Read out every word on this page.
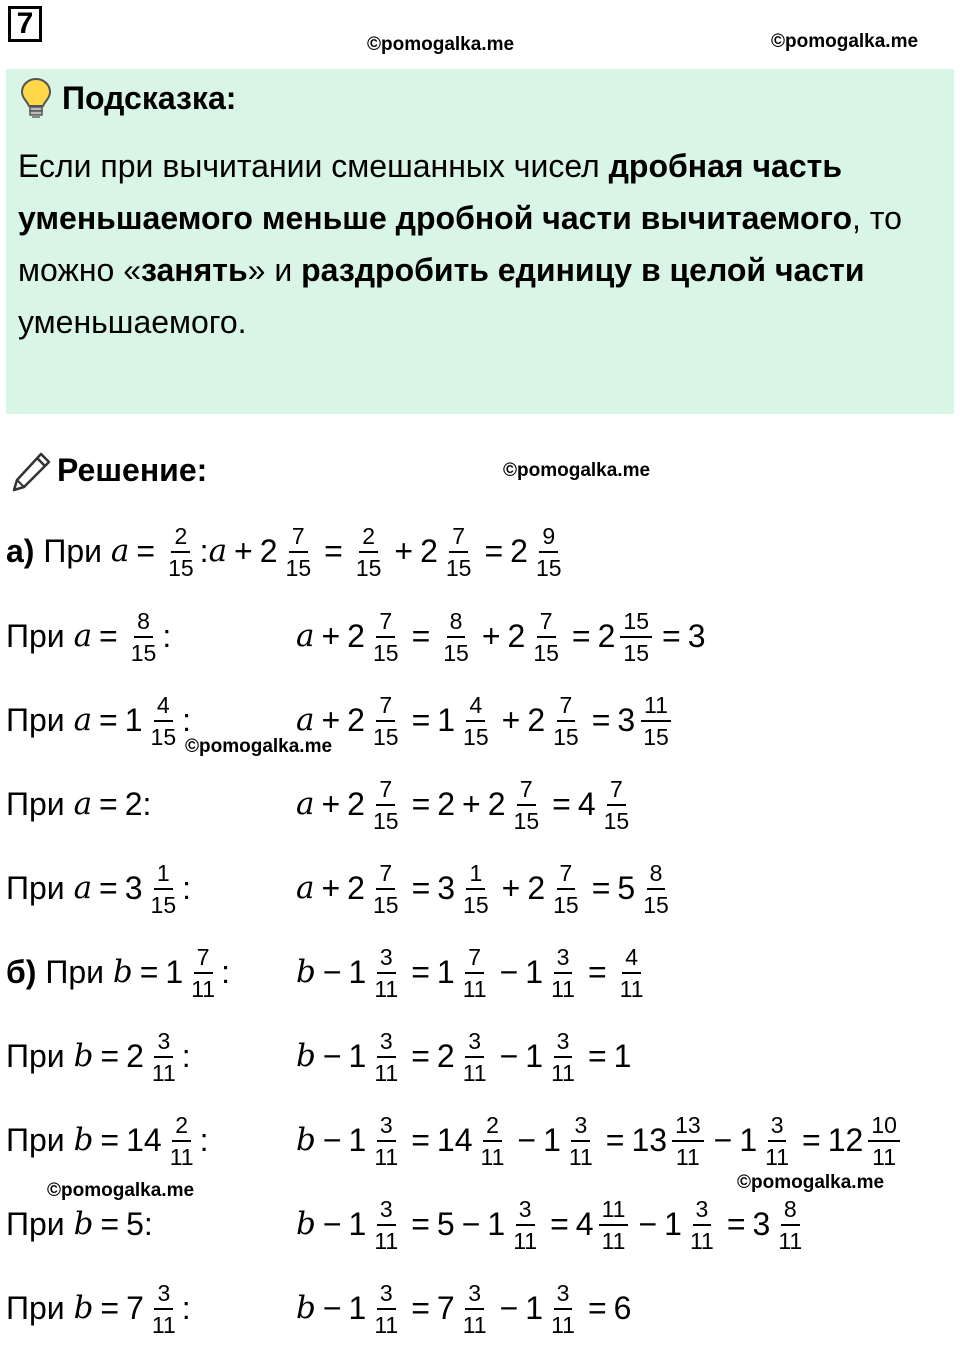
7
©pomogalka.me	©pomogalka.me
Подсказка:
Если при вычитании смешанных чисел дробная часть уменьшаемого меньше дробной части вычитаемого, то можно «занять» и раздробить единицу в целой части уменьшаемого.
Решение:	©pomogalka.me
а)
При
$a = \frac{2}{15}$ : $a + 2 \frac{7}{15} = \frac{2}{15} + 2 \frac{7}{15} = 2 \frac{9}{15}$
При
$a = \frac{8}{15}$ :	$a + 2 \frac{7}{15} = \frac{8}{15} + 2 \frac{7}{15} = 2 \frac{15}{15} = 3$
При
$a = 1 \frac{4}{15}$ :	$a + 2 \frac{7}{15} = 1 \frac{4}{15} + 2 \frac{7}{15} = 3 \frac{11}{15}$
©pomogalka.me
При
a = 2 :	$a + 2 \frac{7}{15} = 2 + 2 \frac{7}{15} = 4 \frac{7}{15}$
При
$a = 3 \frac{1}{15}$ :	$a + 2 \frac{7}{15} = 3 \frac{1}{15} + 2 \frac{7}{15} = 5 \frac{8}{15}$
б)
При
$b = 1 \frac{7}{11}$ : $b - 1 \frac{3}{11} = 1 \frac{7}{11} - 1 \frac{3}{11} = \frac{4}{11}$
При
$b = 2 \frac{3}{11}$ :	$b - 1 \frac{3}{11} = 2 \frac{3}{11} - 1 \frac{3}{11} = 1$
При
$b = 14 \frac{2}{11}$ :	$b - 1 \frac{3}{11} = 14 \frac{2}{11} - 1 \frac{3}{11} = 13 \frac{13}{11} - 1 \frac{3}{11} = 12 \frac{10}{11}$
©pomogalka.me	©pomogalka.me
При
b = 5 :	$b - 1 \frac{3}{11} = 5 - 1 \frac{3}{11} = 4 \frac{11}{11} - 1 \frac{3}{11} = 3 \frac{8}{11}$
При
$b = 7 \frac{3}{11}$ :	$b - 1 \frac{3}{11} = 7 \frac{3}{11} - 1 \frac{3}{11} = 6$
